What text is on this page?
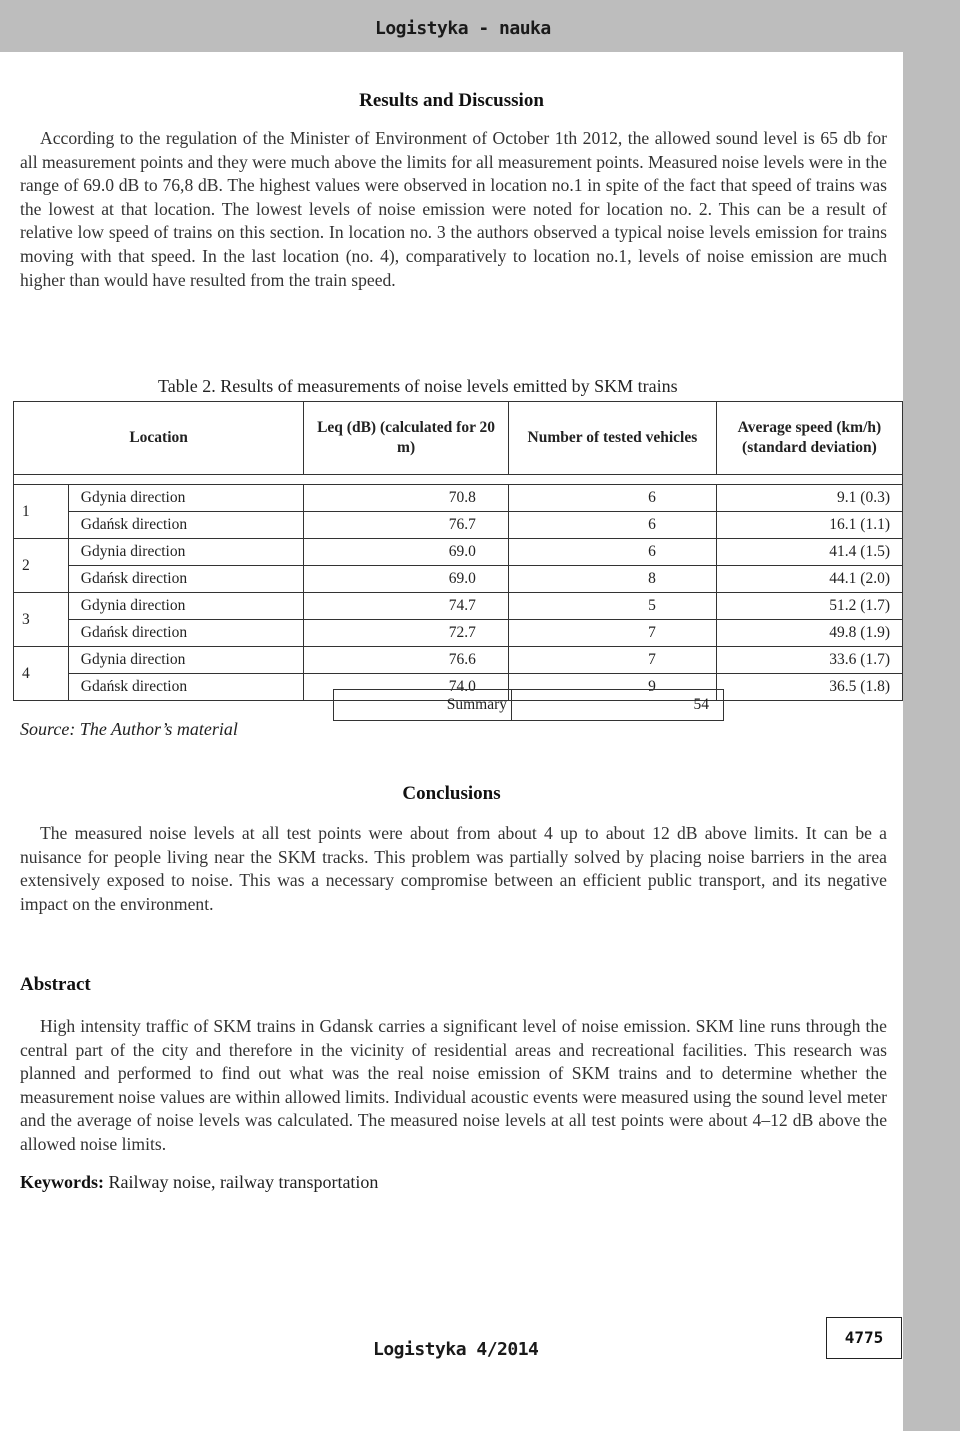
Logistyka - nauka
Results and Discussion

According to the regulation of the Minister of Environment of October 1th 2012, the allowed sound level is 65 db for all measurement points and they were much above the limits for all measurement points. Measured noise levels were in the range of 69.0 dB to 76,8 dB. The highest values were observed in location no.1 in spite of the fact that speed of trains was the lowest at that location. The lowest levels of noise emission were noted for location no. 2. This can be a result of relative low speed of trains on this section. In location no. 3 the authors observed a typical noise levels emission for trains moving with that speed. In the last location (no. 4), comparatively to location no.1, levels of noise emission are much higher than would have resulted from the train speed.

Table 2. Results of measurements of noise levels emitted by SKM trains
Location		Leq (dB) (calculated for 20 m)	Number of tested vehicles	Average speed (km/h) (standard deviation)

1	Gdynia direction	70.8	6	9.1 (0.3)
	Gdańsk direction	76.7	6	16.1 (1.1)
2	Gdynia direction	69.0	6	41.4 (1.5)
	Gdańsk direction	69.0	8	44.1 (2.0)
3	Gdynia direction	74.7	5	51.2 (1.7)
	Gdańsk direction	72.7	7	49.8 (1.9)
4	Gdynia direction	76.6	7	33.6 (1.7)
	Gdańsk direction	74.0	9	36.5 (1.8)
Summary	54
Source: The Author’s material
Conclusions

The measured noise levels at all test points were about from about 4 up to about 12 dB above limits. It can be a nuisance for people living near the SKM tracks. This problem was partially solved by placing noise barriers in the area extensively exposed to noise. This was a necessary compromise between an efficient public transport, and its negative impact on the environment.

Abstract

High intensity traffic of SKM trains in Gdansk carries a significant level of noise emission. SKM line runs through the central part of the city and therefore in the vicinity of residential areas and recreational facilities. This research was planned and performed to find out what was the real noise emission of SKM trains and to determine whether the measurement noise values are within allowed limits. Individual acoustic events were measured using the sound level meter and the average of noise levels was calculated. The measured noise levels at all test points were about 4–12 dB above the allowed noise limits.

Keywords: Railway noise, railway transportation
Logistyka 4/2014
4775
